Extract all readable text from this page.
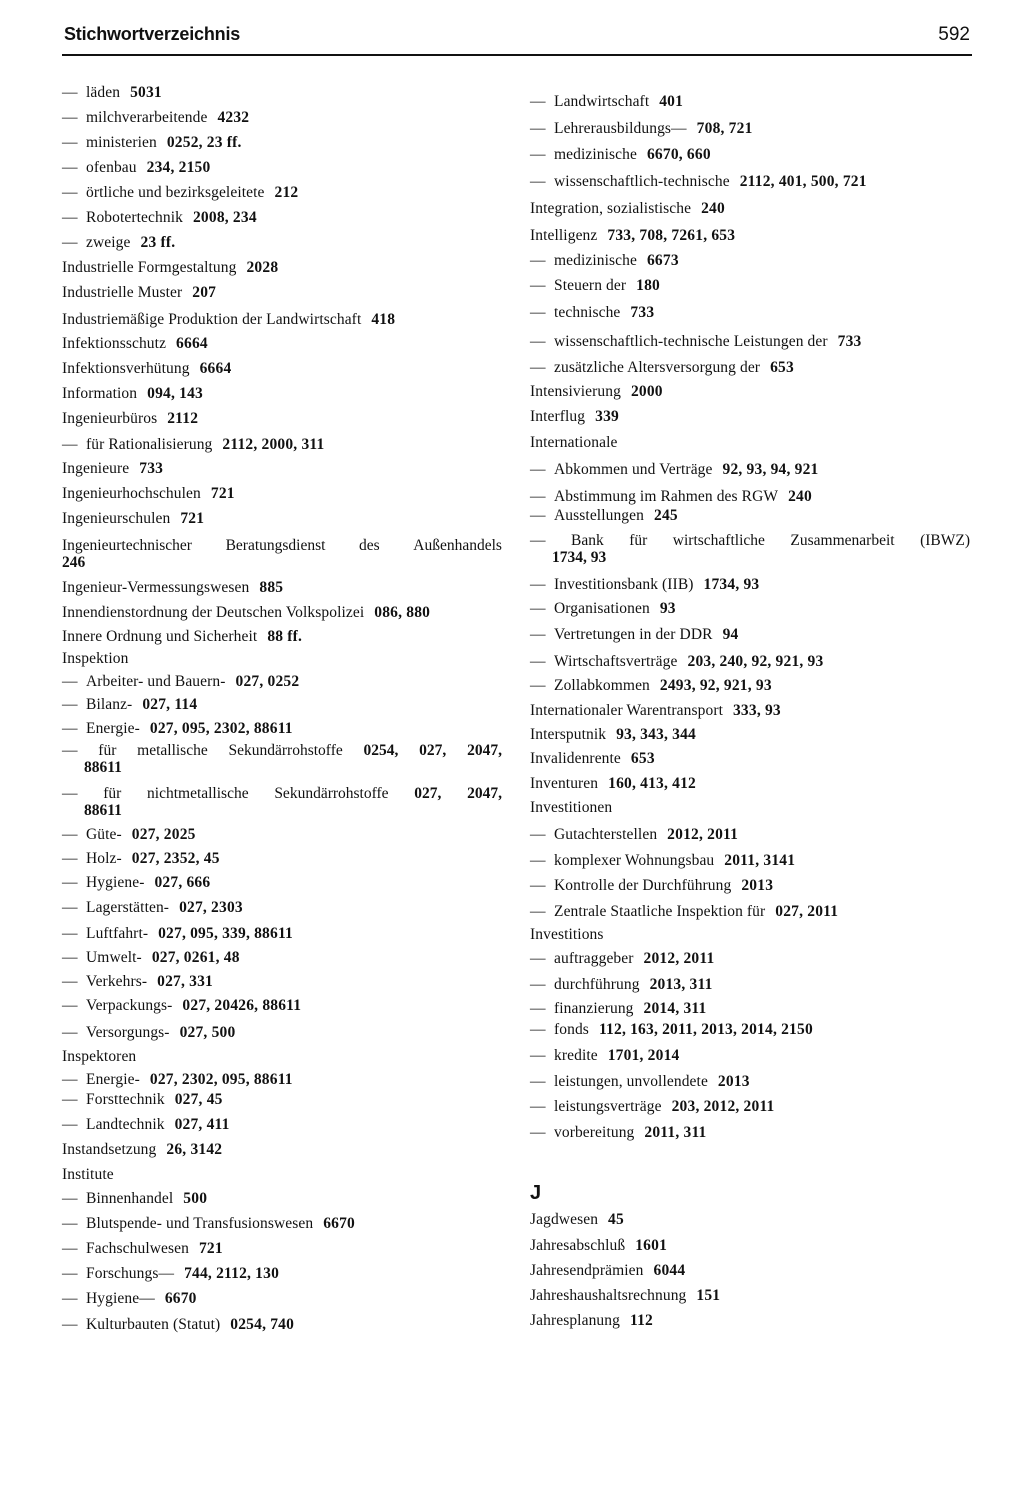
Stichwortverzeichnis	592
— läden 5031
— milchverarbeitende 4232
— ministerien 0252, 23 ff.
— ofenbau 234, 2150
— örtliche und bezirksgeleitete 212
— Robotertechnik 2008, 234
— zweige 23 ff.
Industrielle Formgestaltung 2028
Industrielle Muster 207
Industriemäßige Produktion der Landwirtschaft 418
Infektionsschutz 6664
Infektionsverhütung 6664
Information 094, 143
Ingenieurbüros 2112
— für Rationalisierung 2112, 2000, 311
Ingenieure 733
Ingenieurhochschulen 721
Ingenieurschulen 721
Ingenieurtechnischer Beratungsdienst des Außenhandels
246
Ingenieur-Vermessungswesen 885
Innendienstordnung der Deutschen Volkspolizei 086, 880
Innere Ordnung und Sicherheit 88 ff.
Inspektion
— Arbeiter- und Bauern- 027, 0252
— Bilanz- 027, 114
— Energie- 027, 095, 2302, 88611
— für metallische Sekundärrohstoffe 0254, 027, 2047,
88611
— für nichtmetallische Sekundärrohstoffe 027, 2047,
88611
— Güte- 027, 2025
— Holz- 027, 2352, 45
— Hygiene- 027, 666
— Lagerstätten- 027, 2303
— Luftfahrt- 027, 095, 339, 88611
— Umwelt- 027, 0261, 48
— Verkehrs- 027, 331
— Verpackungs- 027, 20426, 88611
— Versorgungs- 027, 500
Inspektoren
— Energie- 027, 2302, 095, 88611
— Forsttechnik 027, 45
— Landtechnik 027, 411
Instandsetzung 26, 3142
Institute
— Binnenhandel 500
— Blutspende- und Transfusionswesen 6670
— Fachschulwesen 721
— Forschungs— 744, 2112, 130
— Hygiene— 6670
— Kulturbauten (Statut) 0254, 740
— Landwirtschaft 401
— Lehrerausbildungs— 708, 721
— medizinische 6670, 660
— wissenschaftlich-technische 2112, 401, 500, 721
Integration, sozialistische 240
Intelligenz 733, 708, 7261, 653
— medizinische 6673
— Steuern der 180
— technische 733
— wissenschaftlich-technische Leistungen der 733
— zusätzliche Altersversorgung der 653
Intensivierung 2000
Interflug 339
Internationale
— Abkommen und Verträge 92, 93, 94, 921
— Abstimmung im Rahmen des RGW 240
— Ausstellungen 245
— Bank für wirtschaftliche Zusammenarbeit (IBWZ)
1734, 93
— Investitionsbank (IIB) 1734, 93
— Organisationen 93
— Vertretungen in der DDR 94
— Wirtschaftsverträge 203, 240, 92, 921, 93
— Zollabkommen 2493, 92, 921, 93
Internationaler Warentransport 333, 93
Intersputnik 93, 343, 344
Invalidenrente 653
Inventuren 160, 413, 412
Investitionen
— Gutachterstellen 2012, 2011
— komplexer Wohnungsbau 2011, 3141
— Kontrolle der Durchführung 2013
— Zentrale Staatliche Inspektion für 027, 2011
Investitions
— auftraggeber 2012, 2011
— durchführung 2013, 311
— finanzierung 2014, 311
— fonds 112, 163, 2011, 2013, 2014, 2150
— kredite 1701, 2014
— leistungen, unvollendete 2013
— leistungsverträge 203, 2012, 2011
— vorbereitung 2011, 311
J
Jagdwesen 45
Jahresabschluß 1601
Jahresendprämien 6044
Jahreshaushaltsrechnung 151
Jahresplanung 112
